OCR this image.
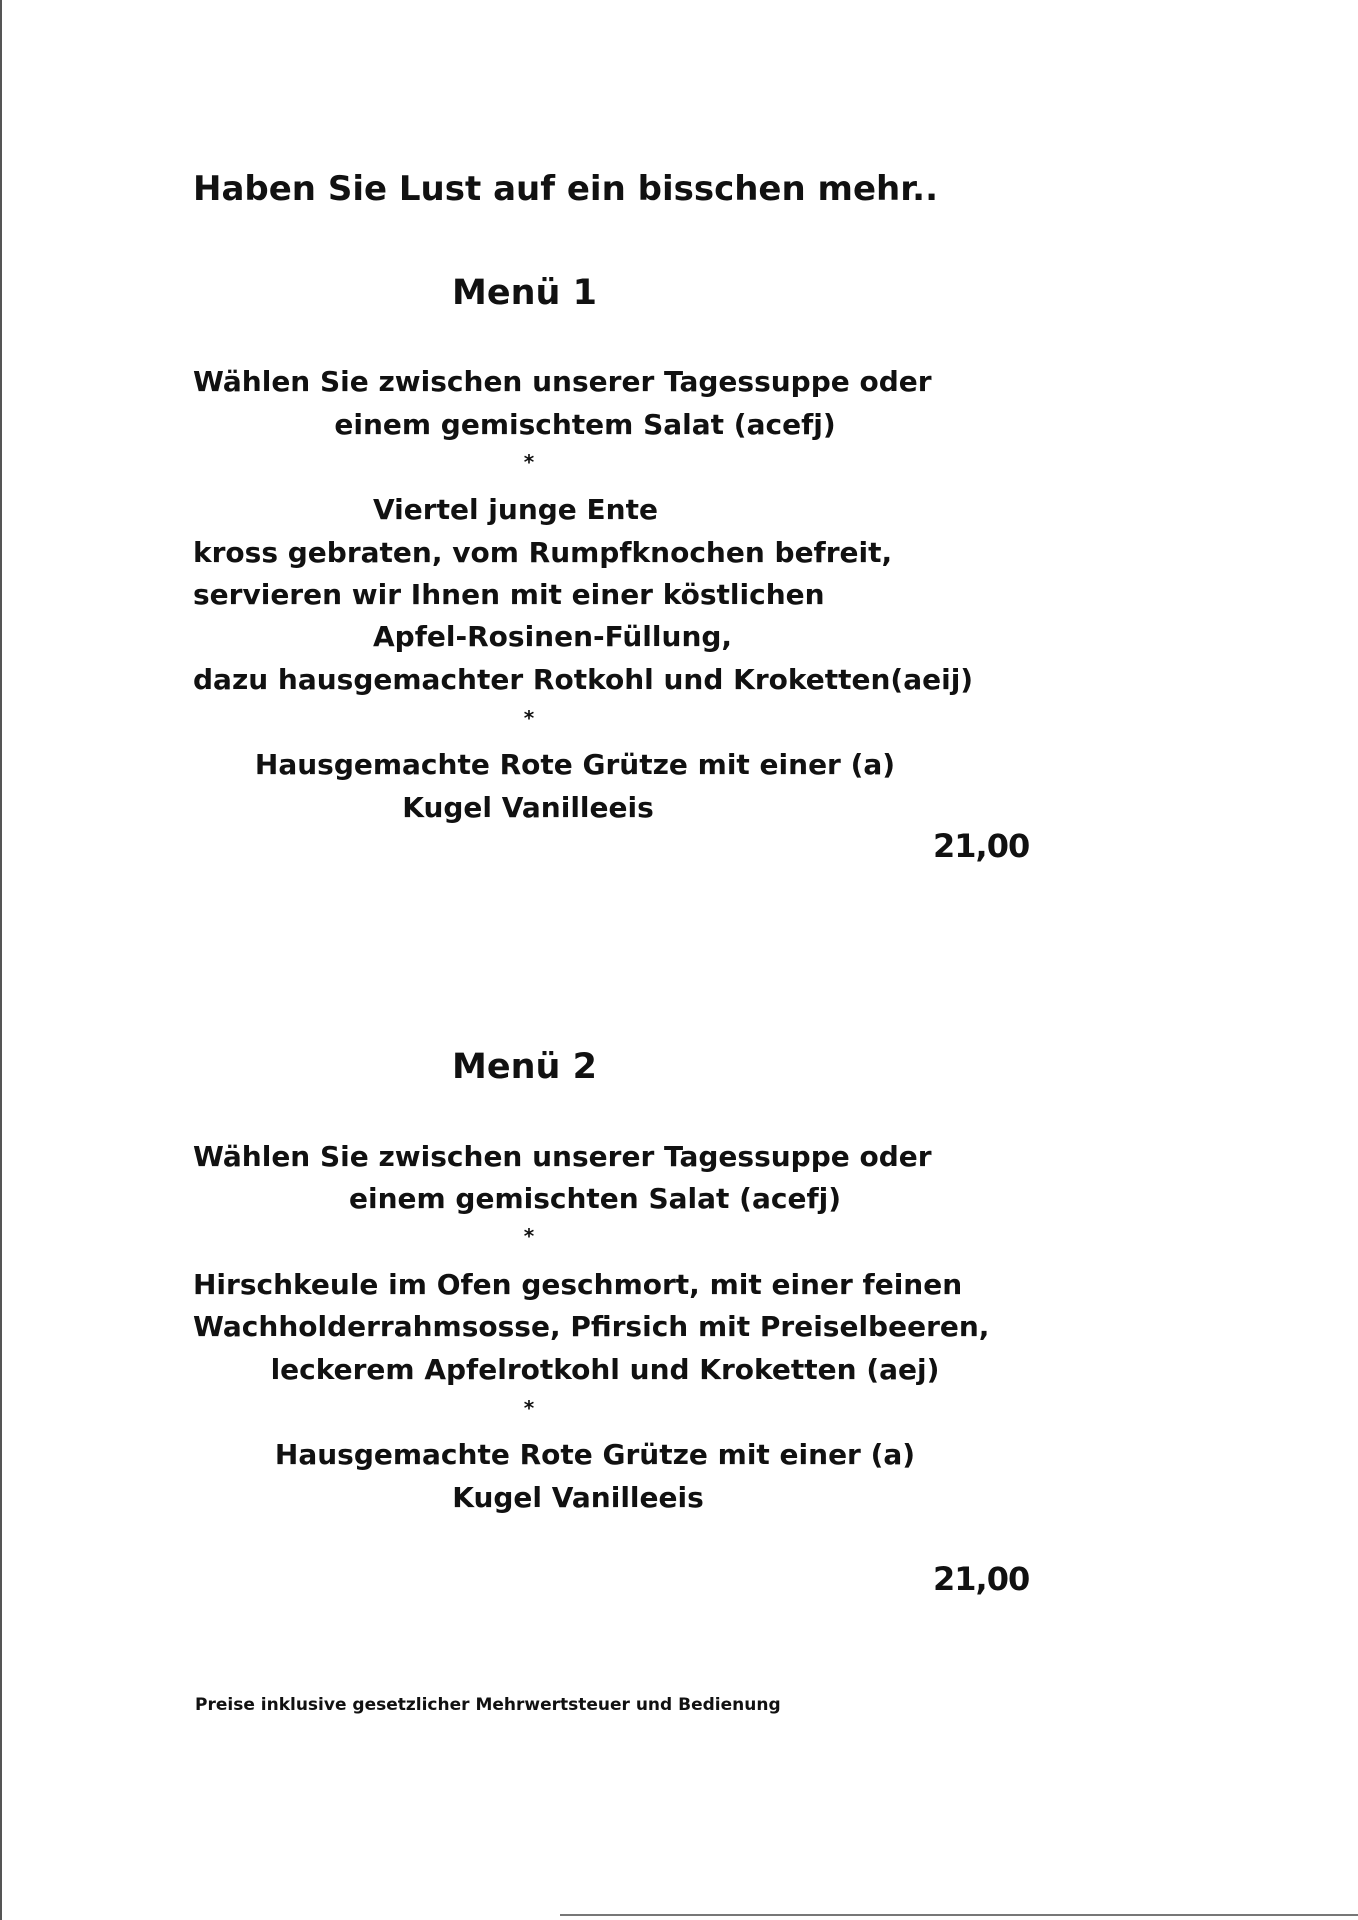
Haben Sie Lust auf ein bisschen mehr..
Menü 1
Wählen Sie zwischen unserer Tagessuppe oder
einem gemischtem Salat (acefj)
*
Viertel junge Ente
kross gebraten, vom Rumpfknochen befreit,
servieren wir Ihnen mit einer köstlichen
Apfel-Rosinen-Füllung,
dazu hausgemachter Rotkohl und Kroketten(aeij)
*
Hausgemachte Rote Grütze mit einer (a)
Kugel Vanilleeis
21,00
Menü 2
Wählen Sie zwischen unserer Tagessuppe oder
einem gemischten Salat (acefj)
*
Hirschkeule im Ofen geschmort, mit einer feinen
Wachholderrahmsosse, Pfirsich mit Preiselbeeren,
leckerem Apfelrotkohl und Kroketten (aej)
*
Hausgemachte Rote Grütze mit einer (a)
Kugel Vanilleeis
21,00
Preise inklusive gesetzlicher Mehrwertsteuer und Bedienung
